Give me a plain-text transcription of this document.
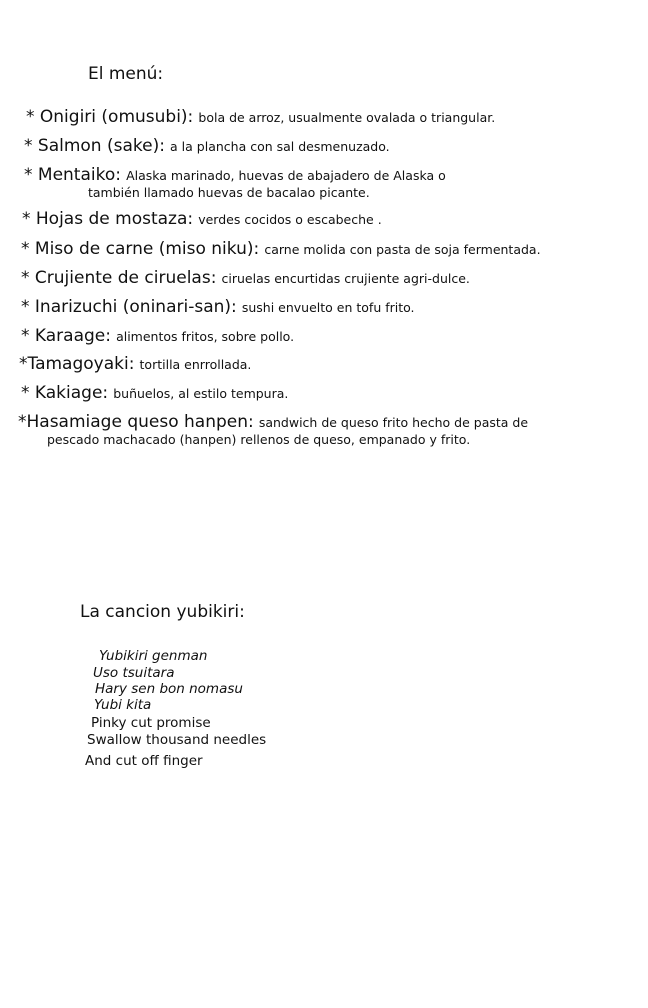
El menú:
* Onigiri (omusubi): bola de arroz, usualmente ovalada o triangular.
* Salmon (sake): a la plancha con sal desmenuzado.
* Mentaiko: Alaska marinado, huevas de abajadero de Alaska o
también llamado huevas de bacalao picante.
* Hojas de mostaza: verdes cocidos o escabeche .
* Miso de carne (miso niku): carne molida con pasta de soja fermentada.
* Crujiente de ciruelas: ciruelas encurtidas crujiente agri-dulce.
* Inarizuchi (oninari-san): sushi envuelto en tofu frito.
* Karaage: alimentos fritos, sobre pollo.
*Tamagoyaki: tortilla enrrollada.
* Kakiage: buñuelos, al estilo tempura.
*Hasamiage queso hanpen: sandwich de queso frito hecho de pasta de
pescado machacado (hanpen) rellenos de queso, empanado y frito.
La cancion yubikiri:
Yubikiri genman
Uso tsuitara
Hary sen bon nomasu
Yubi kita
Pinky cut promise
Swallow thousand needles
And cut off finger
